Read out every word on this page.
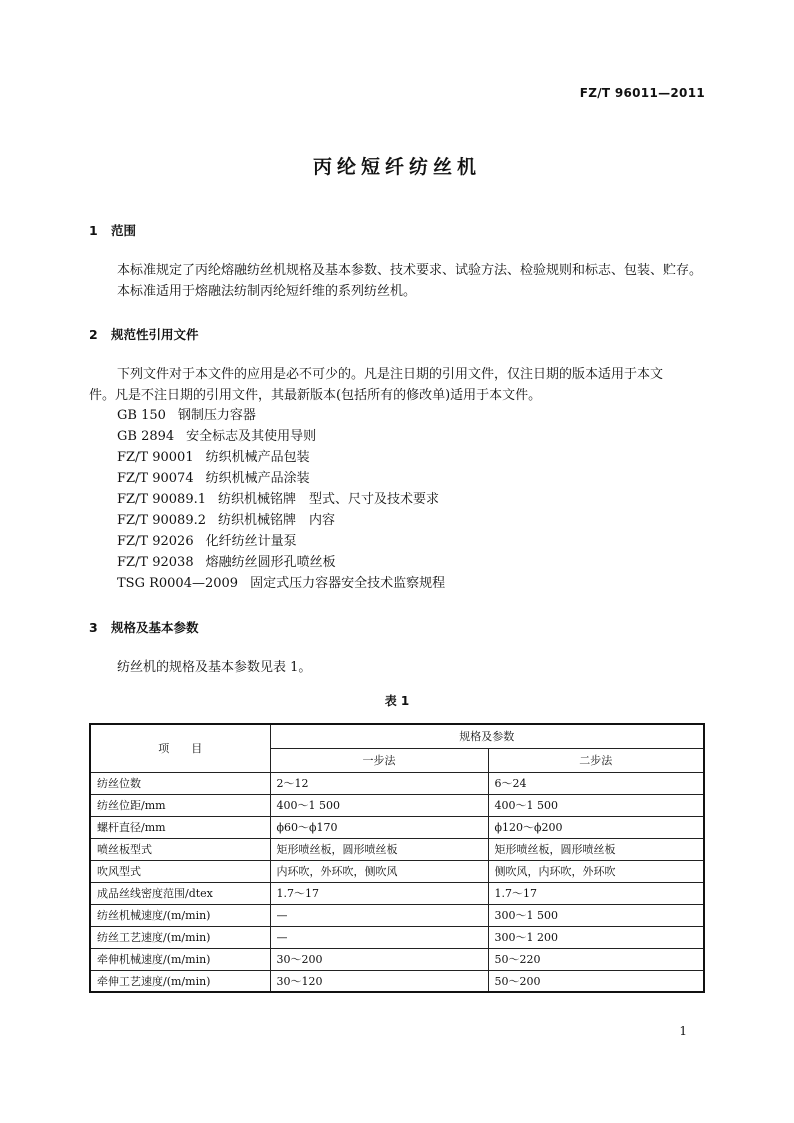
FZ/T 96011—2011
丙纶短纤纺丝机
1 范围
本标准规定了丙纶熔融纺丝机规格及基本参数、技术要求、试验方法、检验规则和标志、包装、贮存。
本标准适用于熔融法纺制丙纶短纤维的系列纺丝机。
2 规范性引用文件
下列文件对于本文件的应用是必不可少的。凡是注日期的引用文件，仅注日期的版本适用于本文
件。凡是不注日期的引用文件，其最新版本(包括所有的修改单)适用于本文件。
GB 150 钢制压力容器
GB 2894 安全标志及其使用导则
FZ/T 90001 纺织机械产品包装
FZ/T 90074 纺织机械产品涂装
FZ/T 90089.1 纺织机械铭牌　型式、尺寸及技术要求
FZ/T 90089.2 纺织机械铭牌　内容
FZ/T 92026 化纤纺丝计量泵
FZ/T 92038 熔融纺丝圆形孔喷丝板
TSG R0004—2009 固定式压力容器安全技术监察规程
3 规格及基本参数
纺丝机的规格及基本参数见表 1。
表 1
项　　目	规格及参数	
	一步法	二步法
纺丝位数	2～12	6～24
纺丝位距/mm	400～1 500	400～1 500
螺杆直径/mm	ϕ60～ϕ170	ϕ120～ϕ200
喷丝板型式	矩形喷丝板，圆形喷丝板	矩形喷丝板，圆形喷丝板
吹风型式	内环吹，外环吹，侧吹风	侧吹风，内环吹，外环吹
成品丝线密度范围/dtex	1.7～17	1.7～17
纺丝机械速度/(m/min)	—	300～1 500
纺丝工艺速度/(m/min)	—	300～1 200
牵伸机械速度/(m/min)	30～200	50～220
牵伸工艺速度/(m/min)	30～120	50～200
1
